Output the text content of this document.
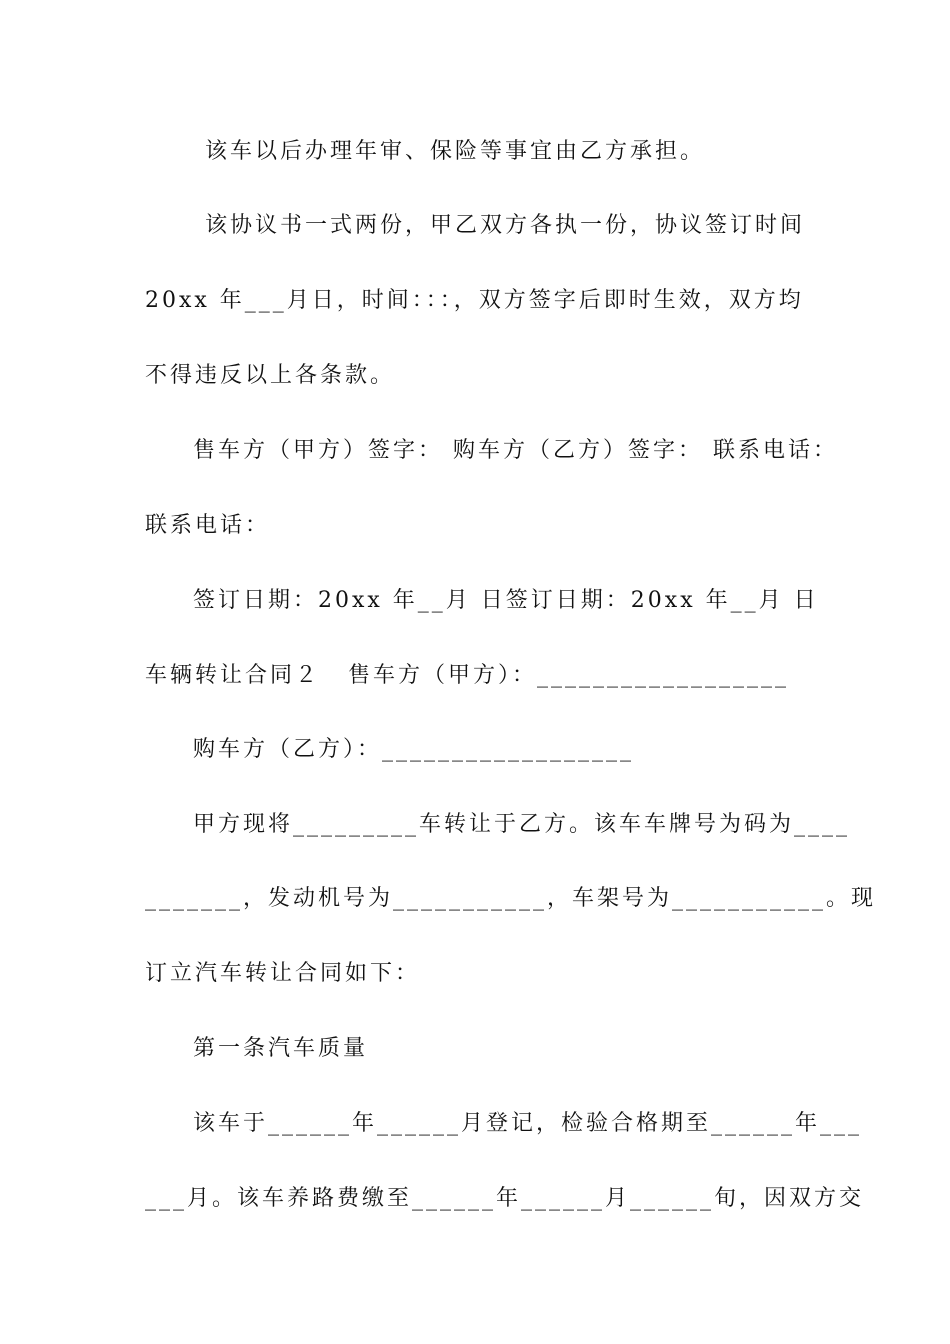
该车以后办理年审、保险等事宜由乙方承担。
该协议书一式两份，甲乙双方各执一份，协议签订时间
20xx 年___月日，时间：：：，双方签字后即时生效，双方均
不得违反以上各条款。
售车方（甲方）签字： 购车方（乙方）签字： 联系电话：
联系电话：
签订日期：20xx 年__月 日签订日期：20xx 年__月 日
车辆转让合同２ 售车方（甲方）：__________________
购车方（乙方）：__________________
甲方现将_________车转让于乙方。该车车牌号为码为____
_______，发动机号为___________，车架号为___________。现
订立汽车转让合同如下：
第一条汽车质量
该车于______年______月登记，检验合格期至______年___
___月。该车养路费缴至______年______月______旬，因双方交
